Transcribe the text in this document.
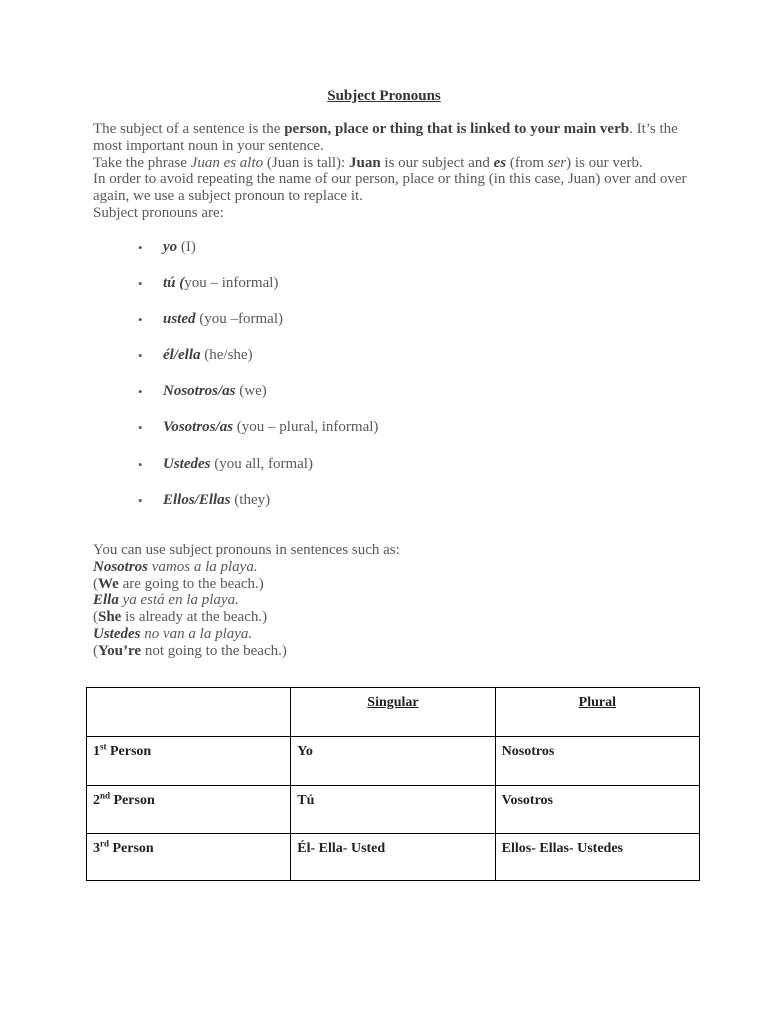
Subject Pronouns
The subject of a sentence is the person, place or thing that is linked to your main verb. It’s the most important noun in your sentence.
Take the phrase Juan es alto (Juan is tall): Juan is our subject and es (from ser) is our verb.
In order to avoid repeating the name of our person, place or thing (in this case, Juan) over and over again, we use a subject pronoun to replace it.
Subject pronouns are:
• yo (I)
• tú (you – informal)
• usted (you –formal)
• él/ella (he/she)
• Nosotros/as (we)
• Vosotros/as (you – plural, informal)
• Ustedes (you all, formal)
• Ellos/Ellas (they)
You can use subject pronouns in sentences such as:
Nosotros vamos a la playa.
(We are going to the beach.)
Ella ya está en la playa.
(She is already at the beach.)
Ustedes no van a la playa.
(You’re not going to the beach.)
	Singular	Plural
1st Person	Yo	Nosotros
2nd Person	Tú	Vosotros
3rd Person	Él- Ella- Usted	Ellos- Ellas- Ustedes
